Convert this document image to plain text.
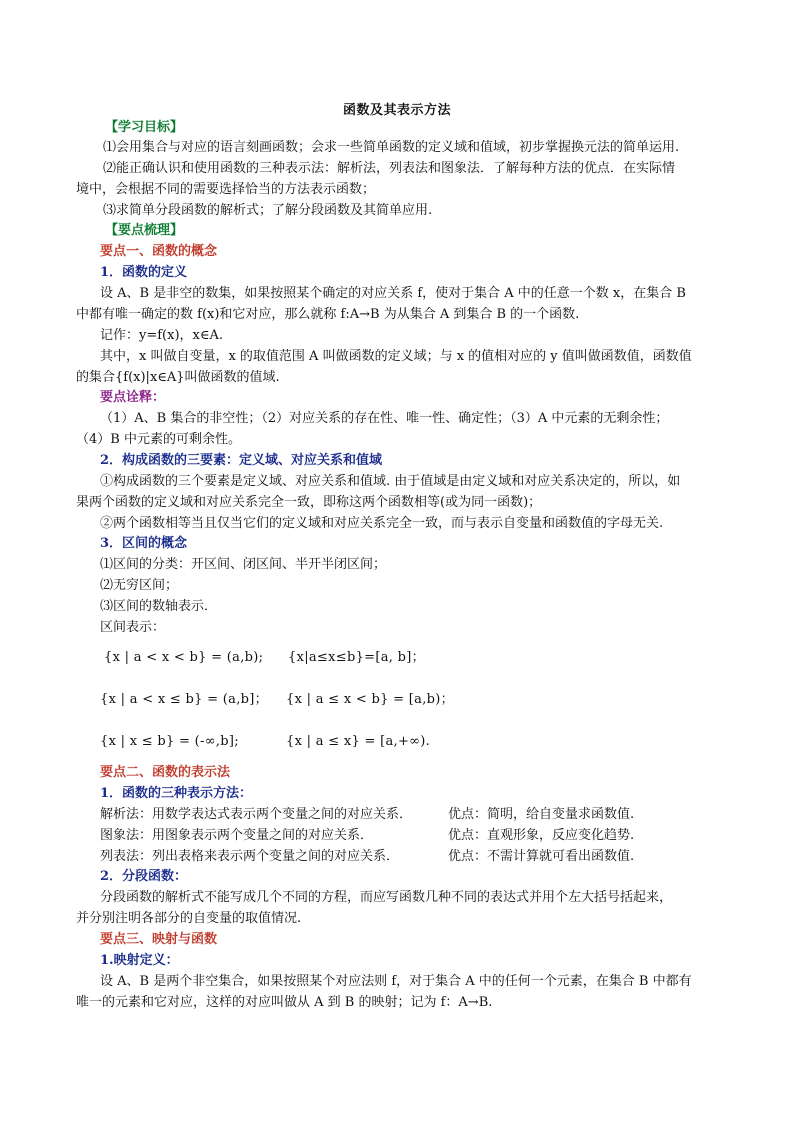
函数及其表示方法
【学习目标】
⑴会用集合与对应的语言刻画函数；会求一些简单函数的定义域和值域，初步掌握换元法的简单运用.
⑵能正确认识和使用函数的三种表示法：解析法，列表法和图象法．了解每种方法的优点．在实际情
境中，会根据不同的需要选择恰当的方法表示函数；
⑶求简单分段函数的解析式；了解分段函数及其简单应用.
【要点梳理】
要点一、函数的概念
1．函数的定义
设 A、B 是非空的数集，如果按照某个确定的对应关系 f，使对于集合 A 中的任意一个数 x，在集合 B
中都有唯一确定的数 f(x)和它对应，那么就称 f:A→B 为从集合 A 到集合 B 的一个函数.
记作：y=f(x)，x∈A.
其中，x 叫做自变量，x 的取值范围 A 叫做函数的定义域；与 x 的值相对应的 y 值叫做函数值，函数值
的集合{f(x)|x∈A}叫做函数的值域.
要点诠释：
（1）A、B 集合的非空性；（2）对应关系的存在性、唯一性、确定性；（3）A 中元素的无剩余性；
（4）B 中元素的可剩余性。
2．构成函数的三要素：定义域、对应关系和值域
①构成函数的三个要素是定义域、对应关系和值域. 由于值域是由定义域和对应关系决定的，所以，如
果两个函数的定义域和对应关系完全一致，即称这两个函数相等(或为同一函数)；
②两个函数相等当且仅当它们的定义域和对应关系完全一致，而与表示自变量和函数值的字母无关.
3．区间的概念
⑴区间的分类：开区间、闭区间、半开半闭区间；
⑵无穷区间；
⑶区间的数轴表示．
区间表示：
{x | a < x < b} = (a,b); {x|a≤x≤b}=[a, b]；
{x | a < x ≤ b} = (a,b]； {x | a ≤ x < b} = [a,b)；
{x | x ≤ b} = (-∞,b];	{x | a ≤ x} = [a,+∞).
要点二、函数的表示法
1．函数的三种表示方法：
解析法：用数学表达式表示两个变量之间的对应关系．	优点：简明，给自变量求函数值.
图象法：用图象表示两个变量之间的对应关系．	优点：直观形象，反应变化趋势.
列表法：列出表格来表示两个变量之间的对应关系．	优点：不需计算就可看出函数值.
2．分段函数：
分段函数的解析式不能写成几个不同的方程，而应写函数几种不同的表达式并用个左大括号括起来，
并分别注明各部分的自变量的取值情况.
要点三、映射与函数
1.映射定义：
设 A、B 是两个非空集合，如果按照某个对应法则 f，对于集合 A 中的任何一个元素，在集合 B 中都有
唯一的元素和它对应，这样的对应叫做从 A 到 B 的映射；记为 f：A→B.
